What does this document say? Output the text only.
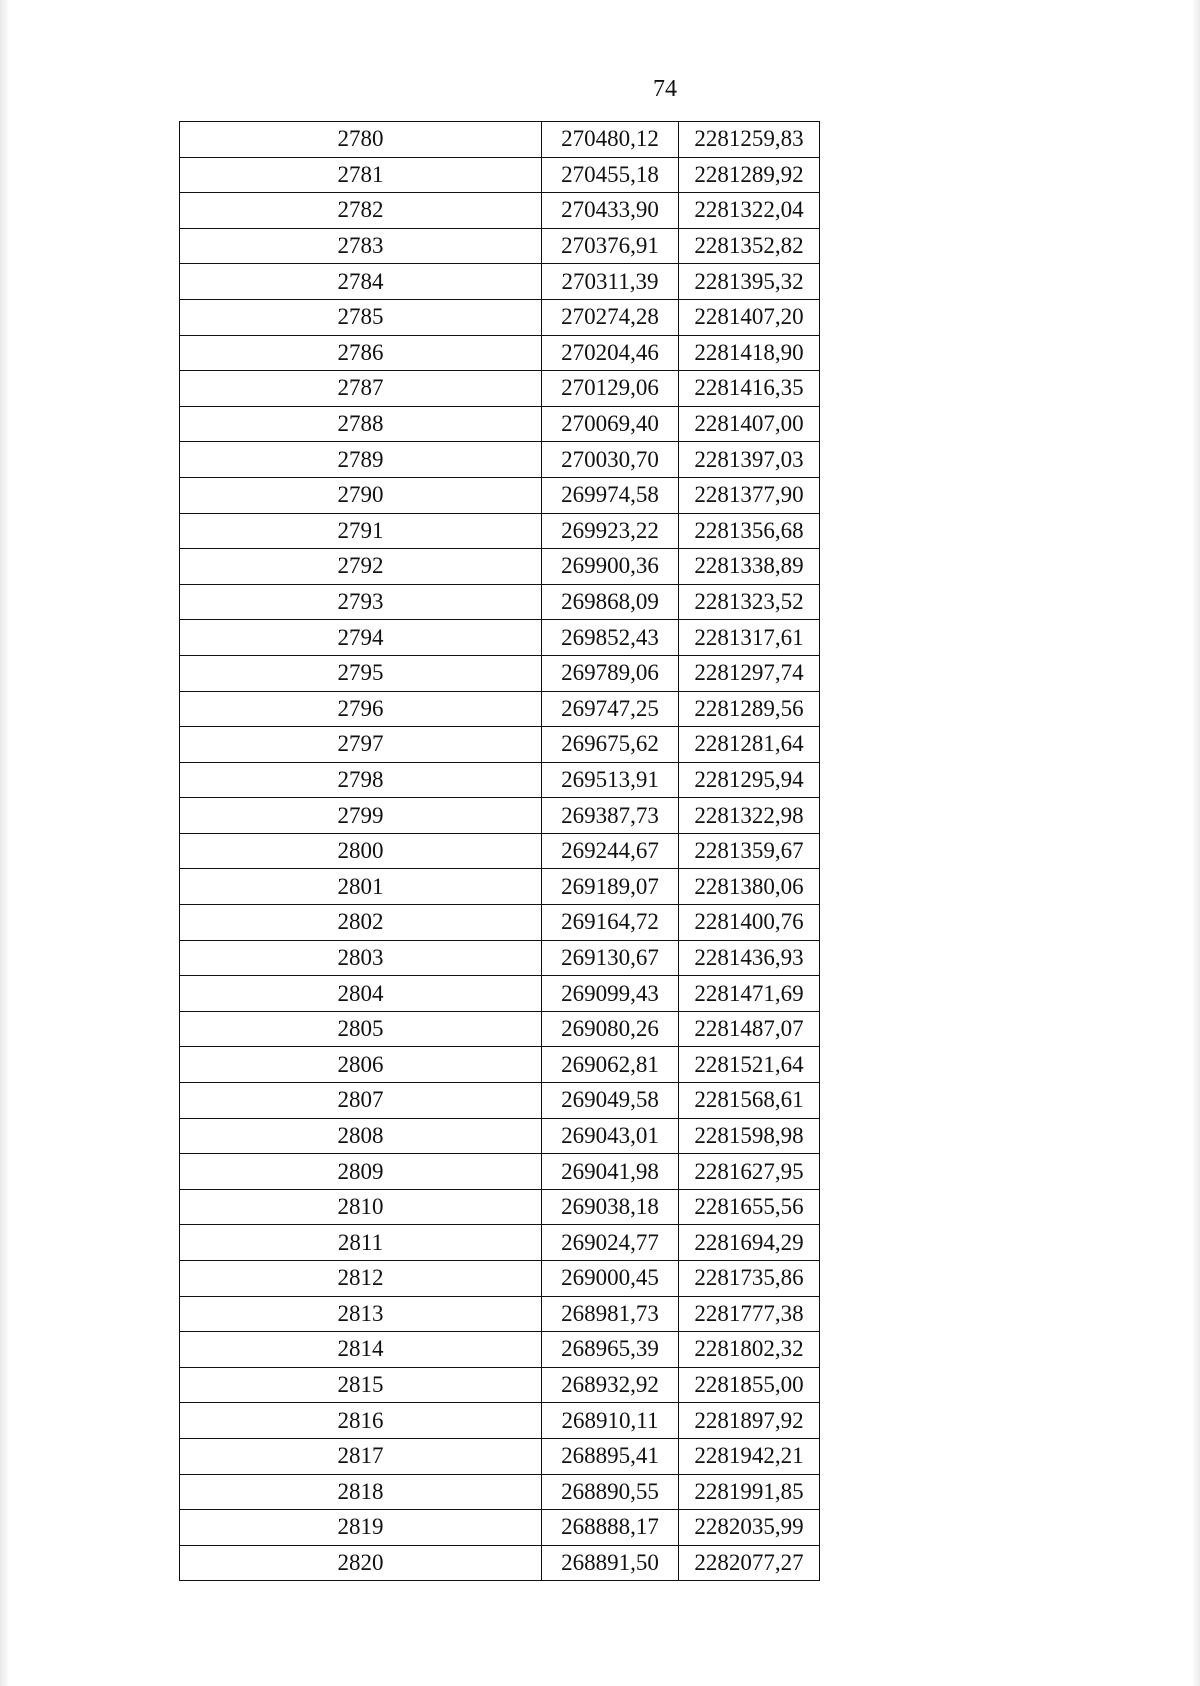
74
2780	270480,12	2281259,83
2781	270455,18	2281289,92
2782	270433,90	2281322,04
2783	270376,91	2281352,82
2784	270311,39	2281395,32
2785	270274,28	2281407,20
2786	270204,46	2281418,90
2787	270129,06	2281416,35
2788	270069,40	2281407,00
2789	270030,70	2281397,03
2790	269974,58	2281377,90
2791	269923,22	2281356,68
2792	269900,36	2281338,89
2793	269868,09	2281323,52
2794	269852,43	2281317,61
2795	269789,06	2281297,74
2796	269747,25	2281289,56
2797	269675,62	2281281,64
2798	269513,91	2281295,94
2799	269387,73	2281322,98
2800	269244,67	2281359,67
2801	269189,07	2281380,06
2802	269164,72	2281400,76
2803	269130,67	2281436,93
2804	269099,43	2281471,69
2805	269080,26	2281487,07
2806	269062,81	2281521,64
2807	269049,58	2281568,61
2808	269043,01	2281598,98
2809	269041,98	2281627,95
2810	269038,18	2281655,56
2811	269024,77	2281694,29
2812	269000,45	2281735,86
2813	268981,73	2281777,38
2814	268965,39	2281802,32
2815	268932,92	2281855,00
2816	268910,11	2281897,92
2817	268895,41	2281942,21
2818	268890,55	2281991,85
2819	268888,17	2282035,99
2820	268891,50	2282077,27
